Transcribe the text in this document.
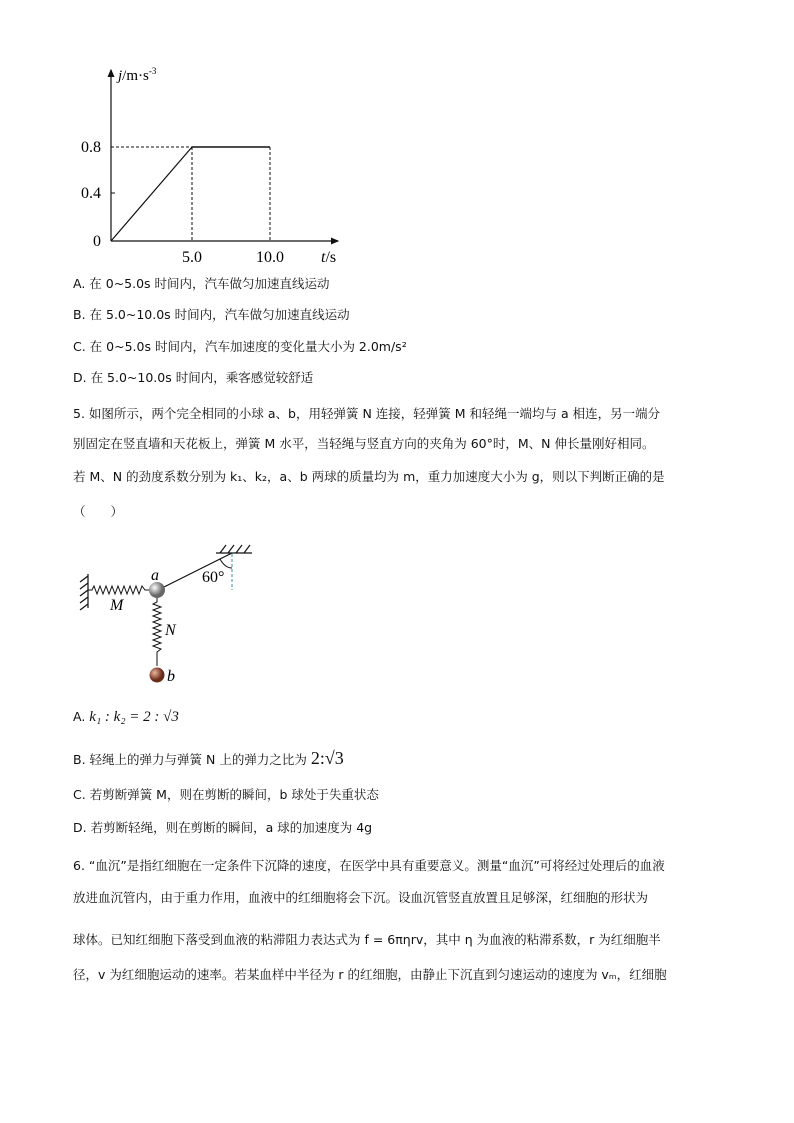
$j/m\cdot s^{-3}$
0.8
0.4
0
5.0	10.0 t/s
A. 在 0~5.0s 时间内，汽车做匀加速直线运动
B. 在 5.0~10.0s 时间内，汽车做匀加速直线运动
C. 在 0~5.0s 时间内，汽车加速度的变化量大小为 2.0m/s²
D. 在 5.0~10.0s 时间内，乘客感觉较舒适
5. 如图所示，两个完全相同的小球 a、b，用轻弹簧 N 连接，轻弹簧 M 和轻绳一端均与 a 相连，另一端分
别固定在竖直墙和天花板上，弹簧 M 水平，当轻绳与竖直方向的夹角为 60°时，M、N 伸长量刚好相同。
若 M、N 的劲度系数分别为 k₁、k₂，a、b 两球的质量均为 m，重力加速度大小为 g，则以下判断正确的是
（　　）
a
b
M
N
60°
A. k₁ : k₂ = 2 : √3
B. 轻绳上的弹力与弹簧 N 上的弹力之比为 2:√3
C. 若剪断弹簧 M，则在剪断的瞬间，b 球处于失重状态
D. 若剪断轻绳，则在剪断的瞬间，a 球的加速度为 4g
6. “血沉”是指红细胞在一定条件下沉降的速度，在医学中具有重要意义。测量“血沉”可将经过处理后的血液
放进血沉管内，由于重力作用，血液中的红细胞将会下沉。设血沉管竖直放置且足够深，红细胞的形状为
球体。已知红细胞下落受到血液的粘滞阻力表达式为 f = 6πηrv，其中 η 为血液的粘滞系数，r 为红细胞半
径，v 为红细胞运动的速率。若某血样中半径为 r 的红细胞，由静止下沉直到匀速运动的速度为 vₘ，红细胞
